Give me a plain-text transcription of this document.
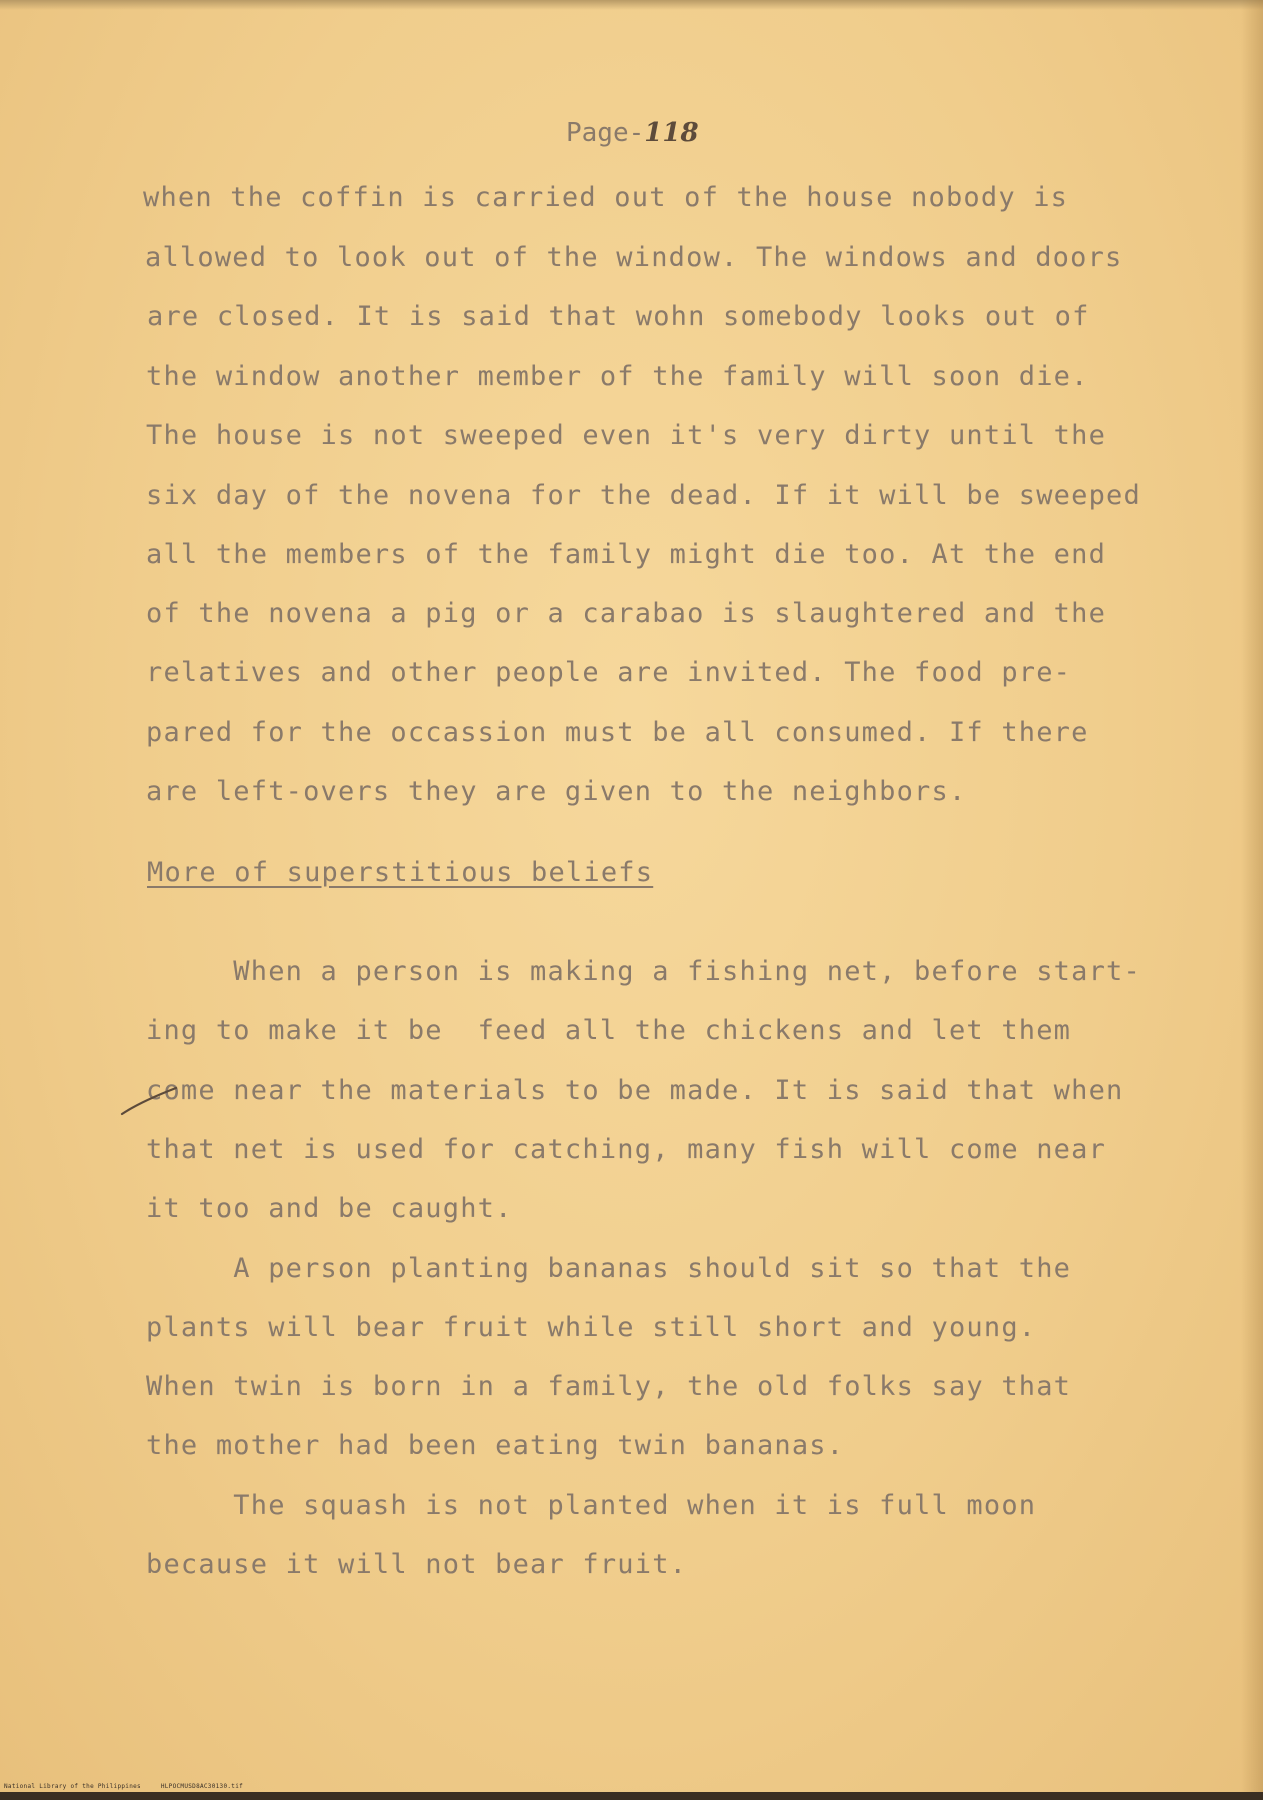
Page-118

when the coffin is carried out of the house nobody is

allowed to look out of the window. The windows and doors

are closed. It is said that wohn somebody looks out of

the window another member of the family will soon die.

The house is not sweeped even it's very dirty until the

six day of the novena for the dead. If it will be sweeped

all the members of the family might die too. At the end

of the novena a pig or a carabao is slaughtered and the

relatives and other people are invited. The food pre-

pared for the occassion must be all consumed. If there

are left-overs they are given to the neighbors.

More of superstitious beliefs

When a person is making a fishing net, before start-

ing to make it be  feed all the chickens and let them

come near the materials to be made. It is said that when

that net is used for catching, many fish will come near

it too and be caught.

A person planting bananas should sit so that the

plants will bear fruit while still short and young.

When twin is born in a family, the old folks say that

the mother had been eating twin bananas.

The squash is not planted when it is full moon

because it will not bear fruit.

National Library of the Philippines	HLPOCMUSD8AC30130.tif
